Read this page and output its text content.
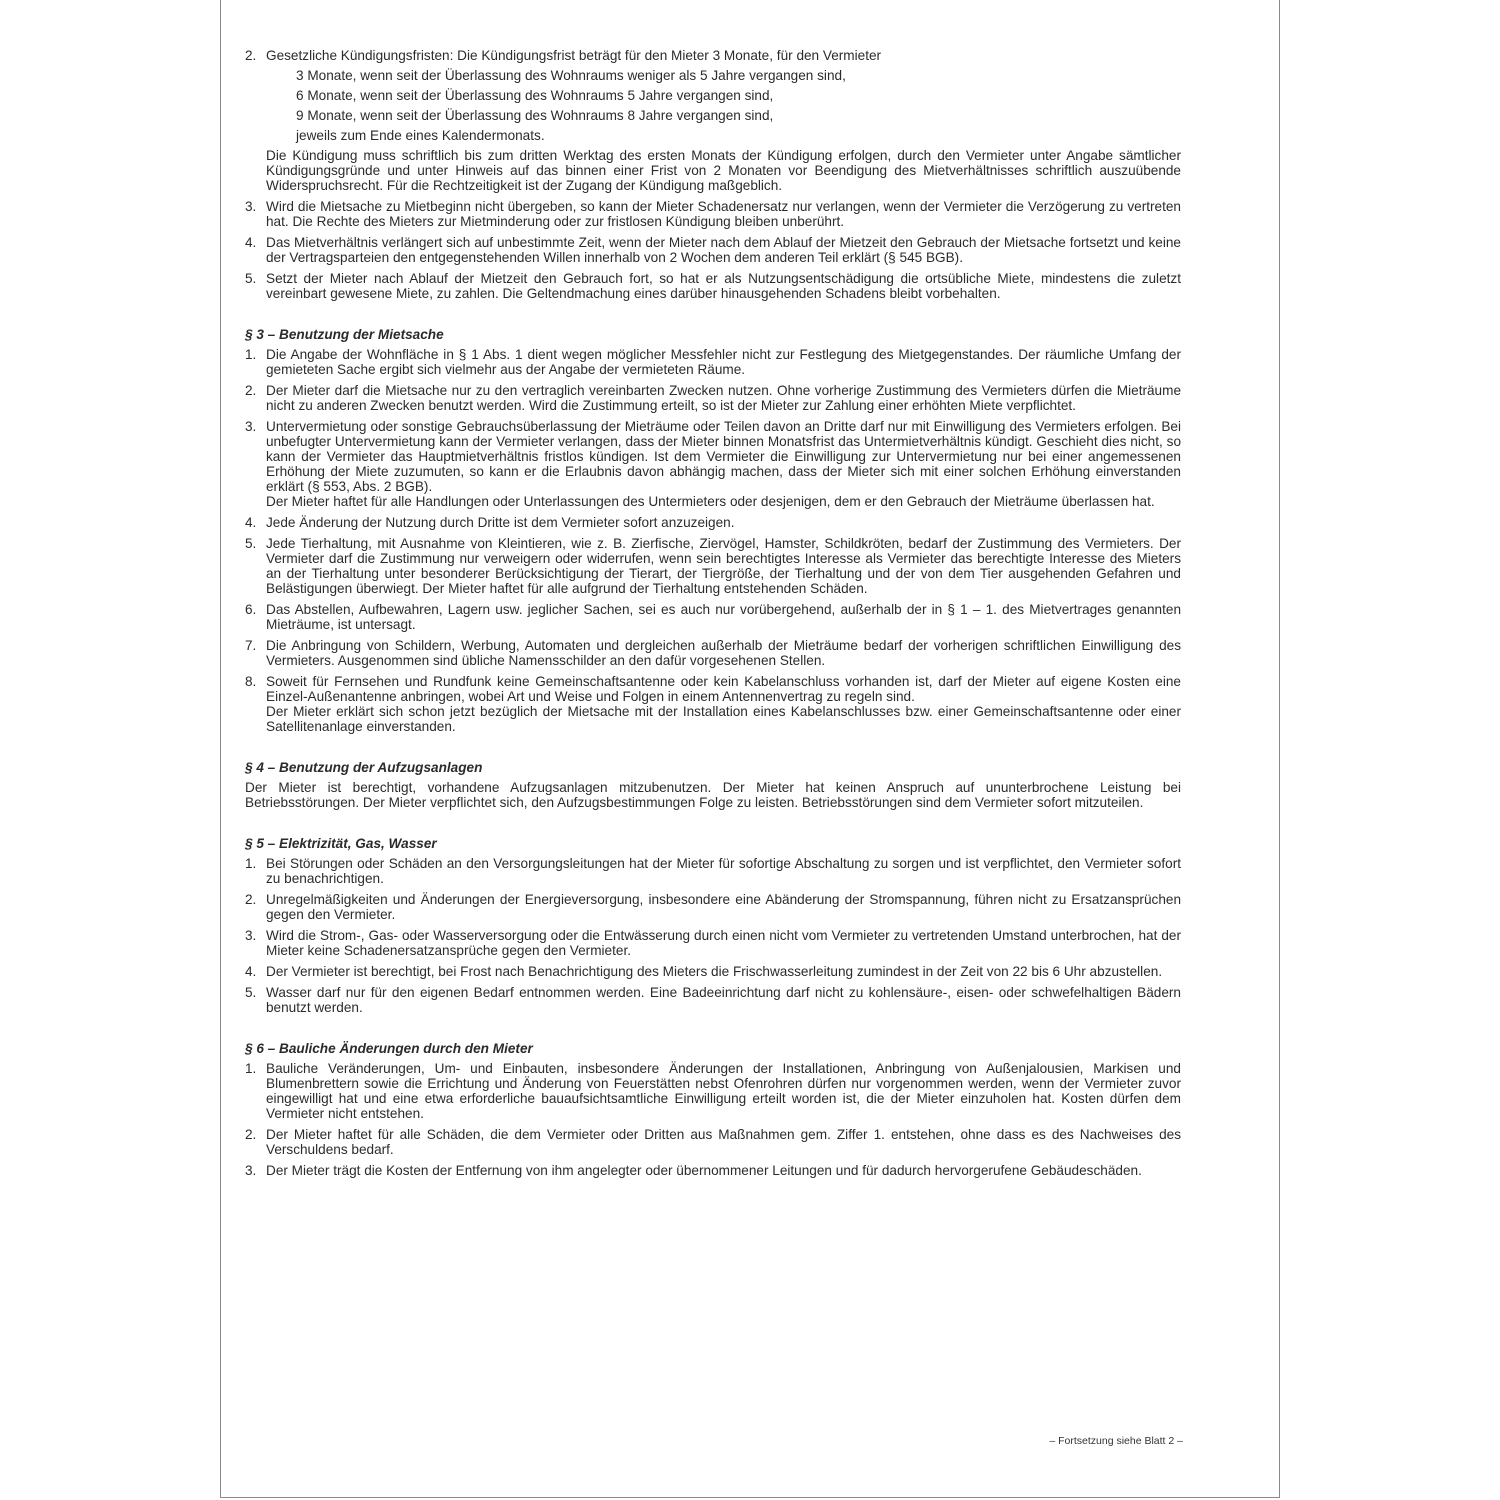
2. Gesetzliche Kündigungsfristen: Die Kündigungsfrist beträgt für den Mieter 3 Monate, für den Vermieter
3 Monate, wenn seit der Überlassung des Wohnraums weniger als 5 Jahre vergangen sind,
6 Monate, wenn seit der Überlassung des Wohnraums 5 Jahre vergangen sind,
9 Monate, wenn seit der Überlassung des Wohnraums 8 Jahre vergangen sind,
jeweils zum Ende eines Kalendermonats.
Die Kündigung muss schriftlich bis zum dritten Werktag des ersten Monats der Kündigung erfolgen, durch den Vermieter unter Angabe sämtlicher Kündigungsgründe und unter Hinweis auf das binnen einer Frist von 2 Monaten vor Beendigung des Mietverhältnisses schriftlich auszuübende Widerspruchsrecht. Für die Rechtzeitigkeit ist der Zugang der Kündigung maßgeblich.
3. Wird die Mietsache zu Mietbeginn nicht übergeben, so kann der Mieter Schadenersatz nur verlangen, wenn der Vermieter die Verzögerung zu vertreten hat. Die Rechte des Mieters zur Mietminderung oder zur fristlosen Kündigung bleiben unberührt.
4. Das Mietverhältnis verlängert sich auf unbestimmte Zeit, wenn der Mieter nach dem Ablauf der Mietzeit den Gebrauch der Mietsache fortsetzt und keine der Vertragsparteien den entgegenstehenden Willen innerhalb von 2 Wochen dem anderen Teil erklärt (§ 545 BGB).
5. Setzt der Mieter nach Ablauf der Mietzeit den Gebrauch fort, so hat er als Nutzungsentschädigung die ortsübliche Miete, mindestens die zuletzt vereinbart gewesene Miete, zu zahlen. Die Geltendmachung eines darüber hinausgehenden Schadens bleibt vorbehalten.
§ 3 – Benutzung der Mietsache
1. Die Angabe der Wohnfläche in § 1 Abs. 1 dient wegen möglicher Messfehler nicht zur Festlegung des Mietgegenstandes. Der räumliche Umfang der gemieteten Sache ergibt sich vielmehr aus der Angabe der vermieteten Räume.
2. Der Mieter darf die Mietsache nur zu den vertraglich vereinbarten Zwecken nutzen. Ohne vorherige Zustimmung des Vermieters dürfen die Mieträume nicht zu anderen Zwecken benutzt werden. Wird die Zustimmung erteilt, so ist der Mieter zur Zahlung einer erhöhten Miete verpflichtet.
3. Untervermietung oder sonstige Gebrauchsüberlassung der Mieträume oder Teilen davon an Dritte darf nur mit Einwilligung des Vermieters erfolgen. Bei unbefugter Untervermietung kann der Vermieter verlangen, dass der Mieter binnen Monatsfrist das Untermietverhältnis kündigt. Geschieht dies nicht, so kann der Vermieter das Hauptmietverhältnis fristlos kündigen. Ist dem Vermieter die Einwilligung zur Untervermietung nur bei einer angemessenen Erhöhung der Miete zuzumuten, so kann er die Erlaubnis davon abhängig machen, dass der Mieter sich mit einer solchen Erhöhung einverstanden erklärt (§ 553, Abs. 2 BGB).
Der Mieter haftet für alle Handlungen oder Unterlassungen des Untermieters oder desjenigen, dem er den Gebrauch der Mieträume überlassen hat.
4. Jede Änderung der Nutzung durch Dritte ist dem Vermieter sofort anzuzeigen.
5. Jede Tierhaltung, mit Ausnahme von Kleintieren, wie z. B. Zierfische, Ziervögel, Hamster, Schildkröten, bedarf der Zustimmung des Vermieters. Der Vermieter darf die Zustimmung nur verweigern oder widerrufen, wenn sein berechtigtes Interesse als Vermieter das berechtigte Interesse des Mieters an der Tierhaltung unter besonderer Berücksichtigung der Tierart, der Tiergröße, der Tierhaltung und der von dem Tier ausgehenden Gefahren und Belästigungen überwiegt. Der Mieter haftet für alle aufgrund der Tierhaltung entstehenden Schäden.
6. Das Abstellen, Aufbewahren, Lagern usw. jeglicher Sachen, sei es auch nur vorübergehend, außerhalb der in § 1 – 1. des Mietvertrages genannten Mieträume, ist untersagt.
7. Die Anbringung von Schildern, Werbung, Automaten und dergleichen außerhalb der Mieträume bedarf der vorherigen schriftlichen Einwilligung des Vermieters. Ausgenommen sind übliche Namensschilder an den dafür vorgesehenen Stellen.
8. Soweit für Fernsehen und Rundfunk keine Gemeinschaftsantenne oder kein Kabelanschluss vorhanden ist, darf der Mieter auf eigene Kosten eine Einzel-Außenantenne anbringen, wobei Art und Weise und Folgen in einem Antennenvertrag zu regeln sind.
Der Mieter erklärt sich schon jetzt bezüglich der Mietsache mit der Installation eines Kabelanschlusses bzw. einer Gemeinschaftsantenne oder einer Satellitenanlage einverstanden.
§ 4 – Benutzung der Aufzugsanlagen

Der Mieter ist berechtigt, vorhandene Aufzugsanlagen mitzubenutzen. Der Mieter hat keinen Anspruch auf ununterbrochene Leistung bei Betriebsstörungen. Der Mieter verpflichtet sich, den Aufzugsbestimmungen Folge zu leisten. Betriebsstörungen sind dem Vermieter sofort mitzuteilen.

§ 5 – Elektrizität, Gas, Wasser
1. Bei Störungen oder Schäden an den Versorgungsleitungen hat der Mieter für sofortige Abschaltung zu sorgen und ist verpflichtet, den Vermieter sofort zu benachrichtigen.
2. Unregelmäßigkeiten und Änderungen der Energieversorgung, insbesondere eine Abänderung der Stromspannung, führen nicht zu Ersatzansprüchen gegen den Vermieter.
3. Wird die Strom-, Gas- oder Wasserversorgung oder die Entwässerung durch einen nicht vom Vermieter zu vertretenden Umstand unterbrochen, hat der Mieter keine Schadenersatzansprüche gegen den Vermieter.
4. Der Vermieter ist berechtigt, bei Frost nach Benachrichtigung des Mieters die Frischwasserleitung zumindest in der Zeit von 22 bis 6 Uhr abzustellen.
5. Wasser darf nur für den eigenen Bedarf entnommen werden. Eine Badeeinrichtung darf nicht zu kohlensäure-, eisen- oder schwefelhaltigen Bädern benutzt werden.
§ 6 – Bauliche Änderungen durch den Mieter
1. Bauliche Veränderungen, Um- und Einbauten, insbesondere Änderungen der Installationen, Anbringung von Außenjalousien, Markisen und Blumenbrettern sowie die Errichtung und Änderung von Feuerstätten nebst Ofenrohren dürfen nur vorgenommen werden, wenn der Vermieter zuvor eingewilligt hat und eine etwa erforderliche bauaufsichtsamtliche Einwilligung erteilt worden ist, die der Mieter einzuholen hat. Kosten dürfen dem Vermieter nicht entstehen.
2. Der Mieter haftet für alle Schäden, die dem Vermieter oder Dritten aus Maßnahmen gem. Ziffer 1. entstehen, ohne dass es des Nachweises des Verschuldens bedarf.
3. Der Mieter trägt die Kosten der Entfernung von ihm angelegter oder übernommener Leitungen und für dadurch hervorgerufene Gebäudeschäden.
– Fortsetzung siehe Blatt 2 –
